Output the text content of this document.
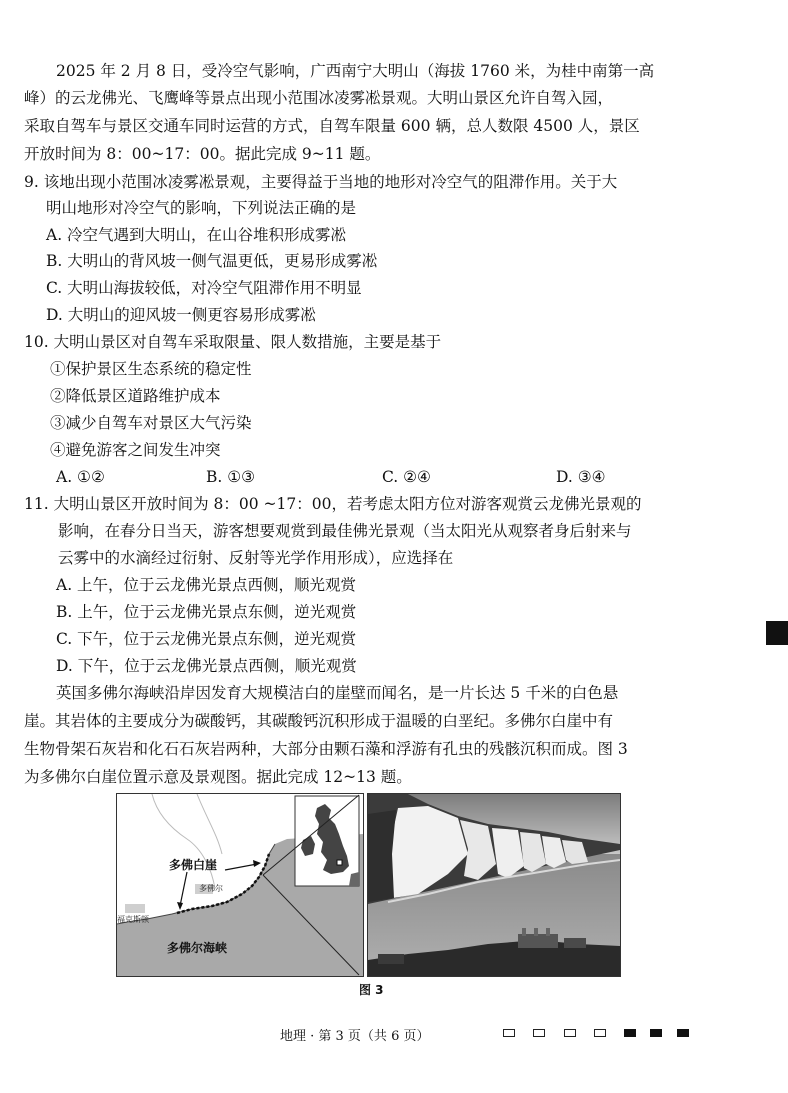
2025 年 2 月 8 日，受冷空气影响，广西南宁大明山（海拔 1760 米，为桂中南第一高
峰）的云龙佛光、飞鹰峰等景点出现小范围冰凌雾凇景观。大明山景区允许自驾入园，
采取自驾车与景区交通车同时运营的方式，自驾车限量 600 辆，总人数限 4500 人，景区
开放时间为 8：00~17：00。据此完成 9~11 题。
9. 该地出现小范围冰凌雾凇景观，主要得益于当地的地形对冷空气的阻滞作用。关于大
明山地形对冷空气的影响，下列说法正确的是
A. 冷空气遇到大明山，在山谷堆积形成雾凇
B. 大明山的背风坡一侧气温更低，更易形成雾凇
C. 大明山海拔较低，对冷空气阻滞作用不明显
D. 大明山的迎风坡一侧更容易形成雾凇
10. 大明山景区对自驾车采取限量、限人数措施，主要是基于
①保护景区生态系统的稳定性
②降低景区道路维护成本
③减少自驾车对景区大气污染
④避免游客之间发生冲突
A. ①②	B. ①③	C. ②④	D. ③④
11. 大明山景区开放时间为 8：00 ~17：00，若考虑太阳方位对游客观赏云龙佛光景观的
影响，在春分日当天，游客想要观赏到最佳佛光景观（当太阳光从观察者身后射来与
云雾中的水滴经过衍射、反射等光学作用形成），应选择在
A. 上午，位于云龙佛光景点西侧，顺光观赏
B. 上午，位于云龙佛光景点东侧，逆光观赏
C. 下午，位于云龙佛光景点东侧，逆光观赏
D. 下午，位于云龙佛光景点西侧，顺光观赏
英国多佛尔海峡沿岸因发育大规模洁白的崖壁而闻名，是一片长达 5 千米的白色悬
崖。其岩体的主要成分为碳酸钙，其碳酸钙沉积形成于温暖的白垩纪。多佛尔白崖中有
生物骨架石灰岩和化石石灰岩两种，大部分由颗石藻和浮游有孔虫的残骸沉积而成。图 3
为多佛尔白崖位置示意及景观图。据此完成 12~13 题。
多佛白崖
多佛尔
福克斯顿
多佛尔海峡
图 3
地理 · 第 3 页（共 6 页）
